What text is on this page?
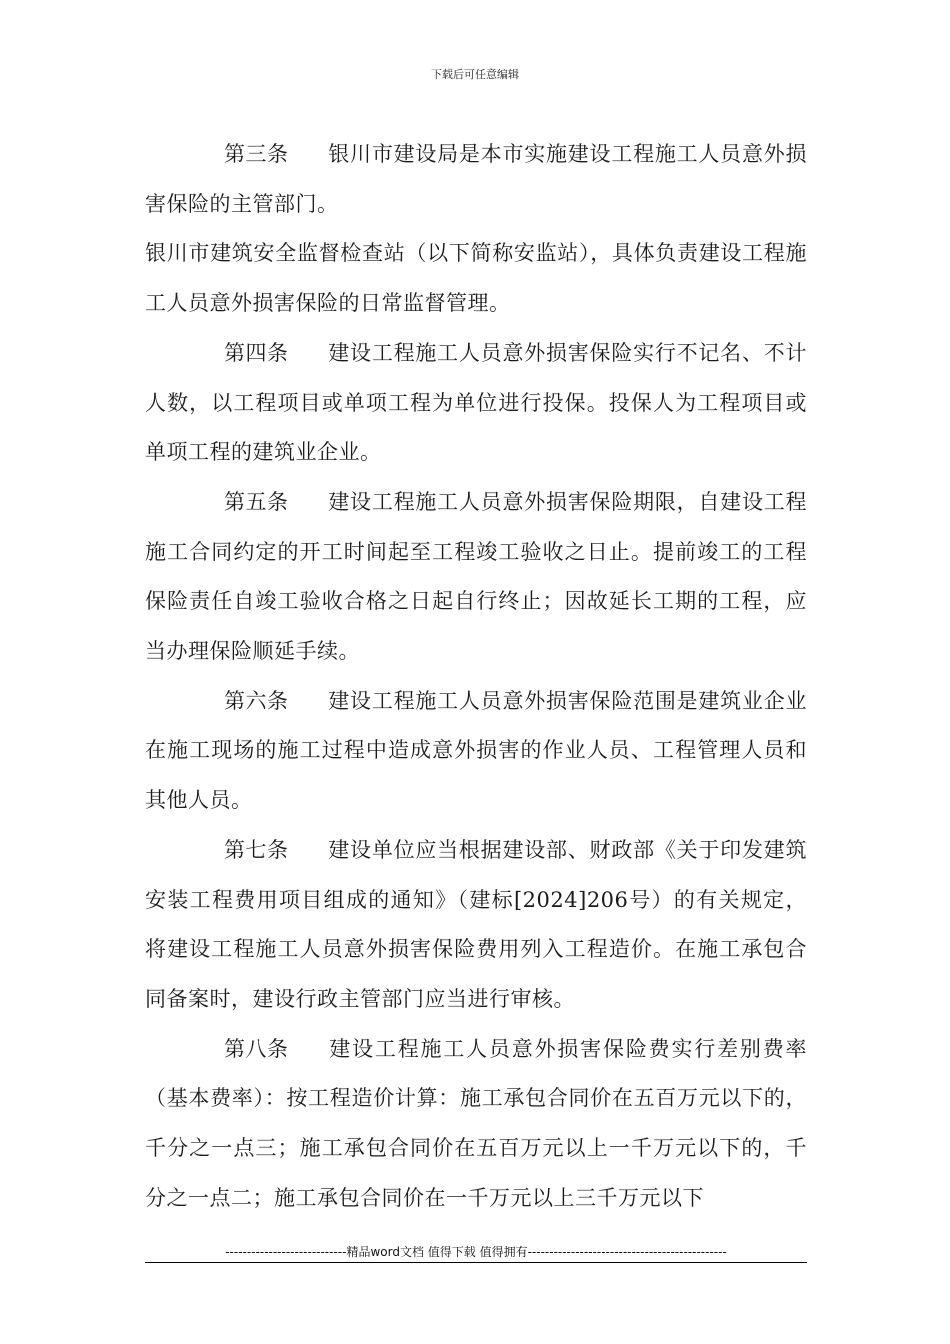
下载后可任意编辑

第三条 银川市建设局是本市实施建设工程施工人员意外损害保险的主管部门。

银川市建筑安全监督检查站（以下简称安监站），具体负责建设工程施工人员意外损害保险的日常监督管理。

第四条 建设工程施工人员意外损害保险实行不记名、不计人数，以工程项目或单项工程为单位进行投保。投保人为工程项目或单项工程的建筑业企业。

第五条 建设工程施工人员意外损害保险期限，自建设工程施工合同约定的开工时间起至工程竣工验收之日止。提前竣工的工程保险责任自竣工验收合格之日起自行终止；因故延长工期的工程，应当办理保险顺延手续。

第六条 建设工程施工人员意外损害保险范围是建筑业企业在施工现场的施工过程中造成意外损害的作业人员、工程管理人员和其他人员。

第七条 建设单位应当根据建设部、财政部《关于印发建筑安装工程费用项目组成的通知》（建标[2024]206号）的有关规定，将建设工程施工人员意外损害保险费用列入工程造价。在施工承包合同备案时，建设行政主管部门应当进行审核。

第八条 建设工程施工人员意外损害保险费实行差别费率（基本费率）：按工程造价计算：施工承包合同价在五百万元以下的，千分之一点三；施工承包合同价在五百万元以上一千万元以下的，千分之一点二；施工承包合同价在一千万元以上三千万元以下

----------------------------精品word文档 值得下载 值得拥有----------------------------------------------
